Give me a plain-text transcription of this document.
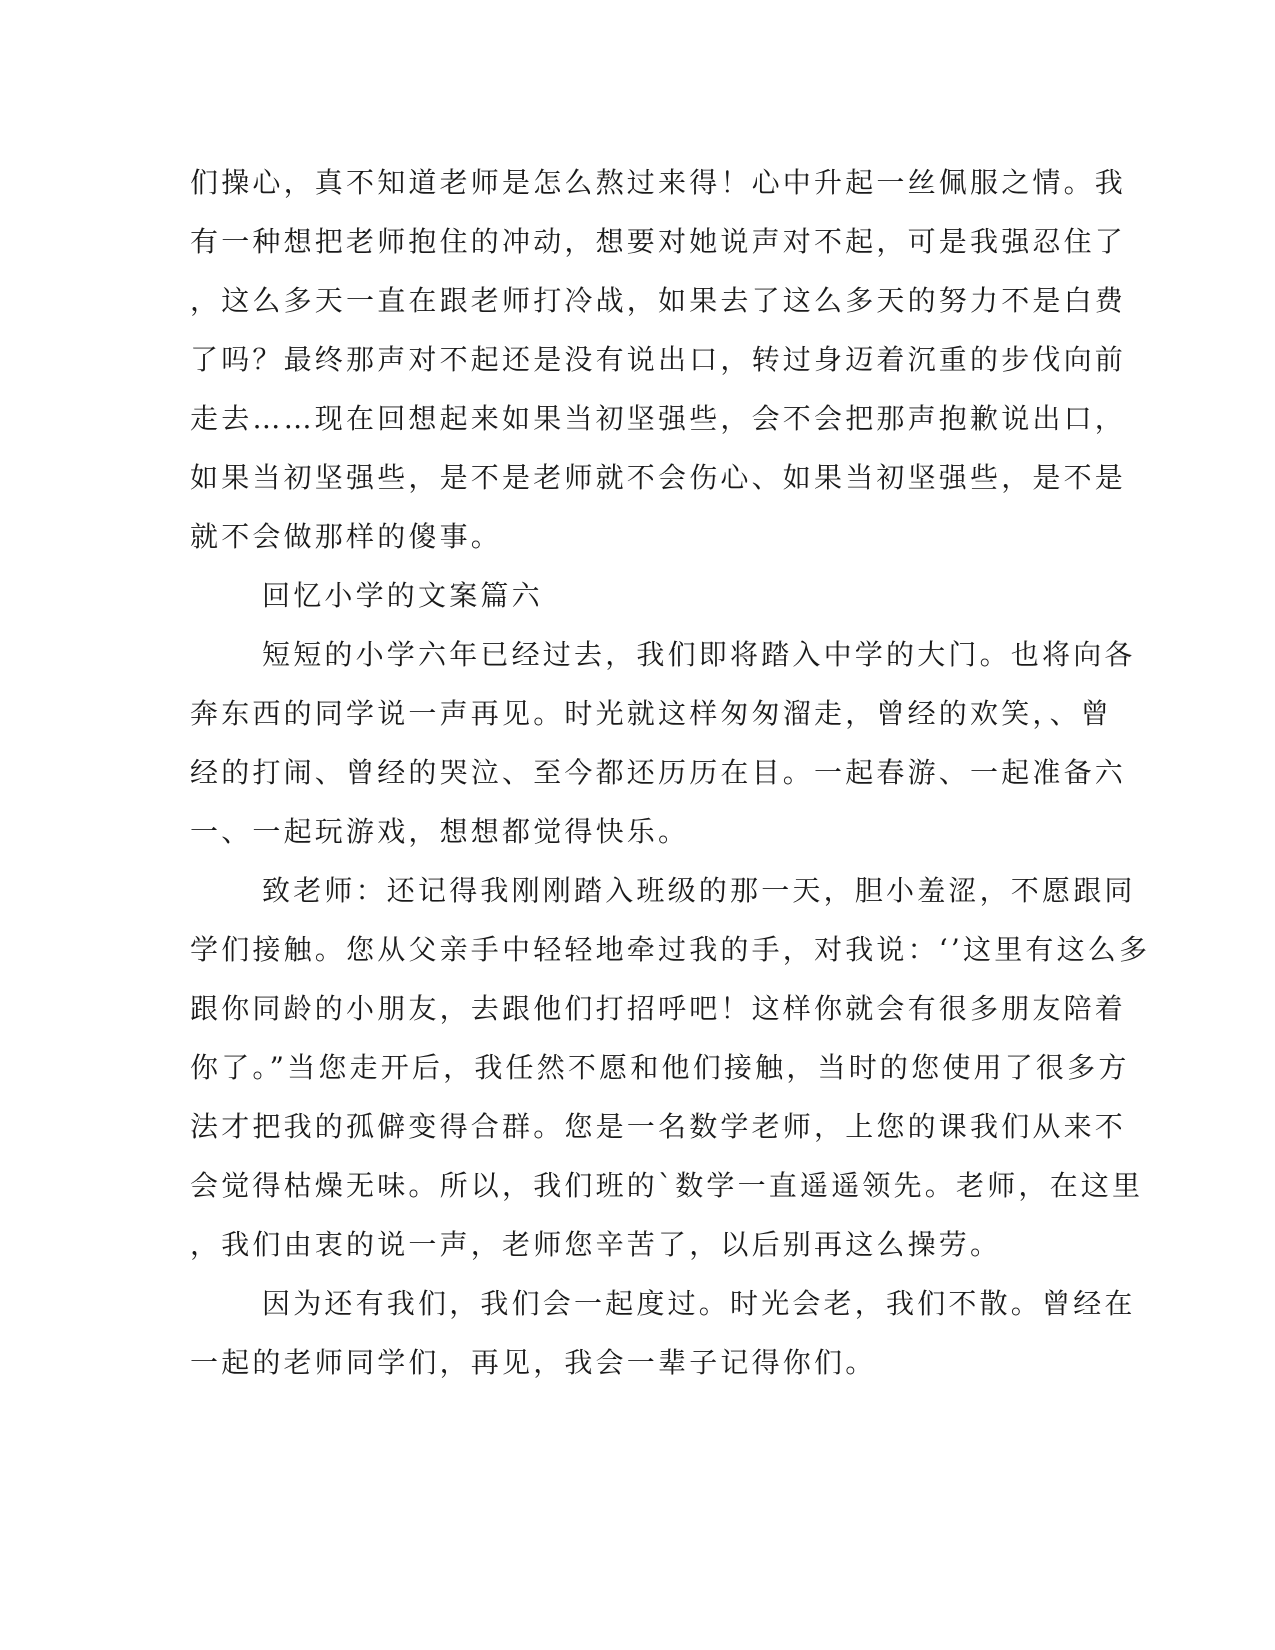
们操心，真不知道老师是怎么熬过来得！心中升起一丝佩服之情。我
有一种想把老师抱住的冲动，想要对她说声对不起，可是我强忍住了
，这么多天一直在跟老师打冷战，如果去了这么多天的努力不是白费
了吗？最终那声对不起还是没有说出口，转过身迈着沉重的步伐向前
走去……现在回想起来如果当初坚强些，会不会把那声抱歉说出口，
如果当初坚强些，是不是老师就不会伤心、如果当初坚强些，是不是
就不会做那样的傻事。
回忆小学的文案篇六
短短的小学六年已经过去，我们即将踏入中学的大门。也将向各
奔东西的同学说一声再见。时光就这样匆匆溜走，曾经的欢笑，、曾
经的打闹、曾经的哭泣、至今都还历历在目。一起春游、一起准备六
一、一起玩游戏，想想都觉得快乐。
致老师：还记得我刚刚踏入班级的那一天，胆小羞涩，不愿跟同
学们接触。您从父亲手中轻轻地牵过我的手，对我说：‘’这里有这么多
跟你同龄的小朋友，去跟他们打招呼吧！这样你就会有很多朋友陪着
你了。”当您走开后，我任然不愿和他们接触，当时的您使用了很多方
法才把我的孤僻变得合群。您是一名数学老师，上您的课我们从来不
会觉得枯燥无味。所以，我们班的`数学一直遥遥领先。老师，在这里
，我们由衷的说一声，老师您辛苦了，以后别再这么操劳。
因为还有我们，我们会一起度过。时光会老，我们不散。曾经在
一起的老师同学们，再见，我会一辈子记得你们。
